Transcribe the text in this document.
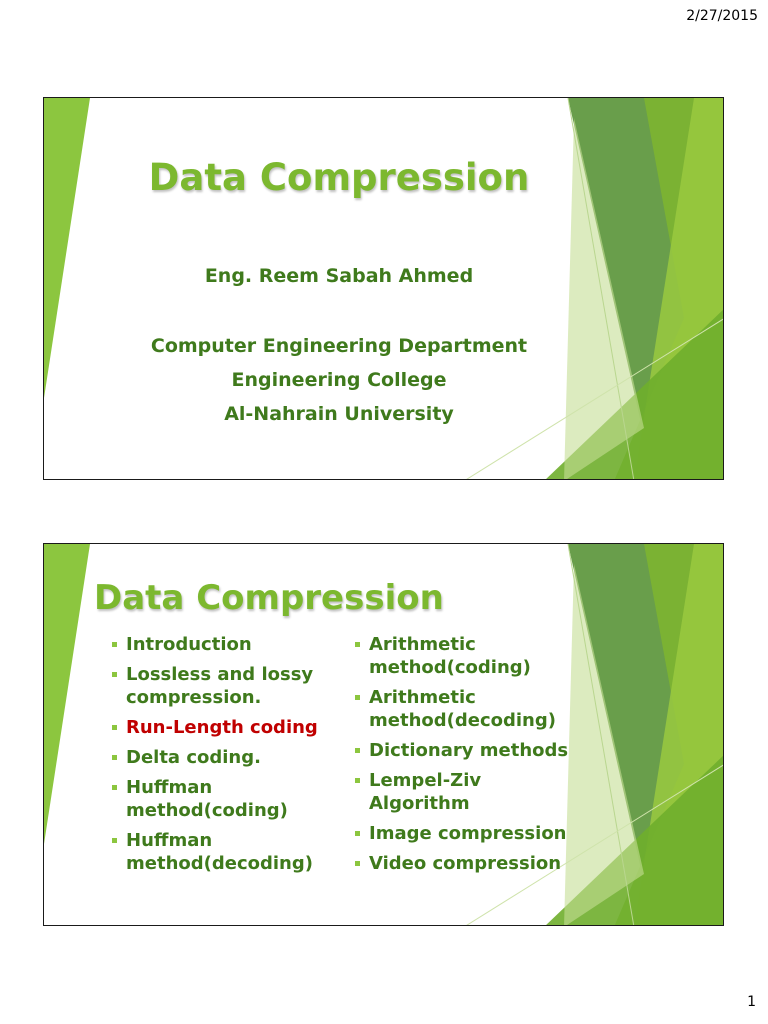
2/27/2015
Data Compression
Eng. Reem Sabah Ahmed
Computer Engineering Department
Engineering College
Al-Nahrain University
Data Compression
Introduction
Lossless and lossy compression.
Run-Length coding
Delta coding.
Huffman method(coding)
Huffman method(decoding)
Arithmetic method(coding)
Arithmetic method(decoding)
Dictionary methods
Lempel-Ziv Algorithm
Image compression
Video compression
1
